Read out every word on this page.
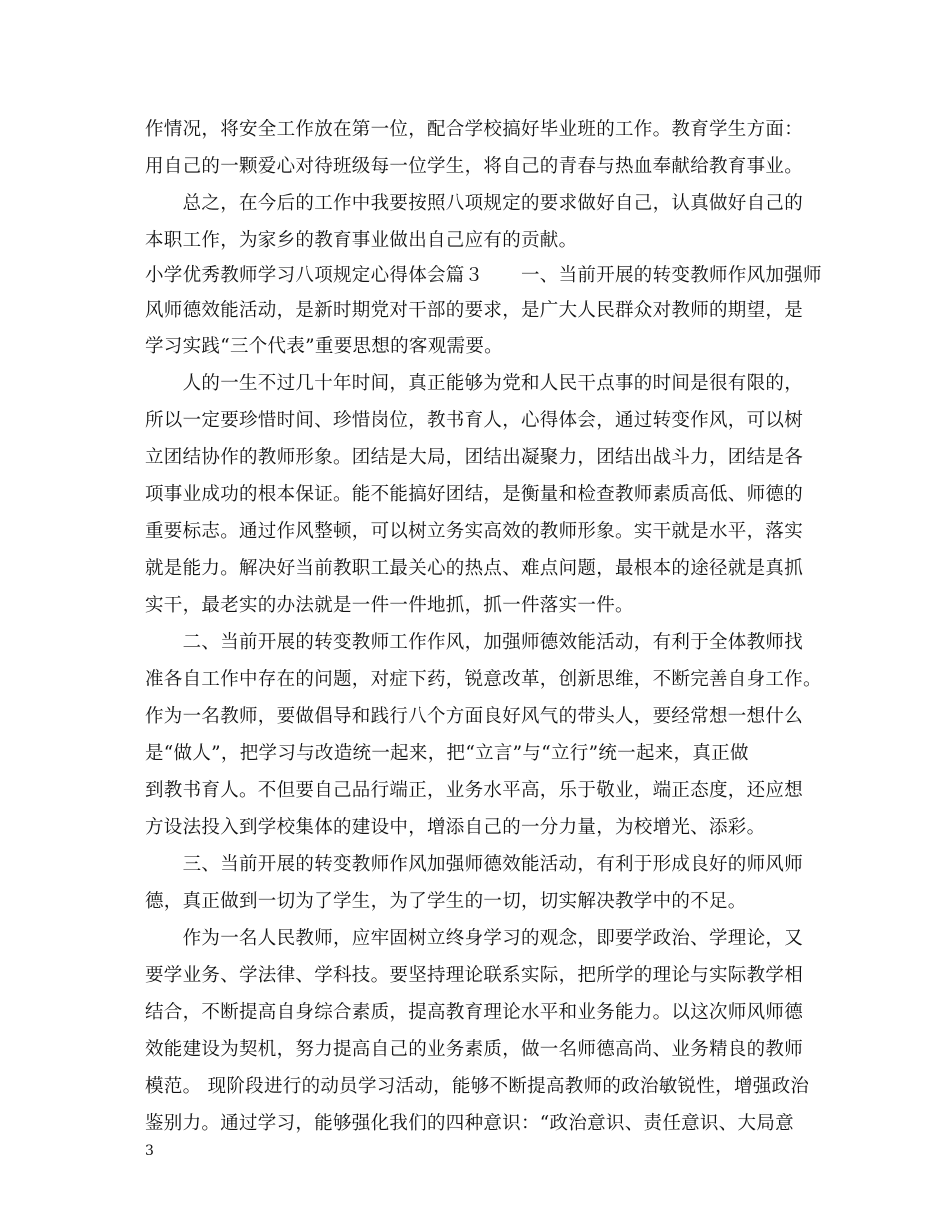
作情况，将安全工作放在第一位，配合学校搞好毕业班的工作。教育学生方面：
用自己的一颗爱心对待班级每一位学生，将自己的青春与热血奉献给教育事业。
　　总之，在今后的工作中我要按照八项规定的要求做好自己，认真做好自己的
本职工作，为家乡的教育事业做出自己应有的贡献。
小学优秀教师学习八项规定心得体会篇３　　一、当前开展的转变教师作风加强师
风师德效能活动，是新时期党对干部的要求，是广大人民群众对教师的期望，是
学习实践“三个代表”重要思想的客观需要。
　　人的一生不过几十年时间，真正能够为党和人民干点事的时间是很有限的，
所以一定要珍惜时间、珍惜岗位，教书育人，心得体会，通过转变作风，可以树
立团结协作的教师形象。团结是大局，团结出凝聚力，团结出战斗力，团结是各
项事业成功的根本保证。能不能搞好团结，是衡量和检查教师素质高低、师德的
重要标志。通过作风整顿，可以树立务实高效的教师形象。实干就是水平，落实
就是能力。解决好当前教职工最关心的热点、难点问题，最根本的途径就是真抓
实干，最老实的办法就是一件一件地抓，抓一件落实一件。
　　二、当前开展的转变教师工作作风，加强师德效能活动，有利于全体教师找
准各自工作中存在的问题，对症下药，锐意改革，创新思维，不断完善自身工作。
作为一名教师，要做倡导和践行八个方面良好风气的带头人，要经常想一想什么
是“做人”，把学习与改造统一起来，把“立言”与“立行”统一起来，真正做
到教书育人。不但要自己品行端正，业务水平高，乐于敬业，端正态度，还应想
方设法投入到学校集体的建设中，增添自己的一分力量，为校增光、添彩。
　　三、当前开展的转变教师作风加强师德效能活动，有利于形成良好的师风师
德，真正做到一切为了学生，为了学生的一切，切实解决教学中的不足。
　　作为一名人民教师，应牢固树立终身学习的观念，即要学政治、学理论，又
要学业务、学法律、学科技。要坚持理论联系实际，把所学的理论与实际教学相
结合，不断提高自身综合素质，提高教育理论水平和业务能力。以这次师风师德
效能建设为契机，努力提高自己的业务素质，做一名师德高尚、业务精良的教师
模范。 现阶段进行的动员学习活动，能够不断提高教师的政治敏锐性，增强政治
鉴别力。通过学习，能够强化我们的四种意识：“政治意识、责任意识、大局意
3
